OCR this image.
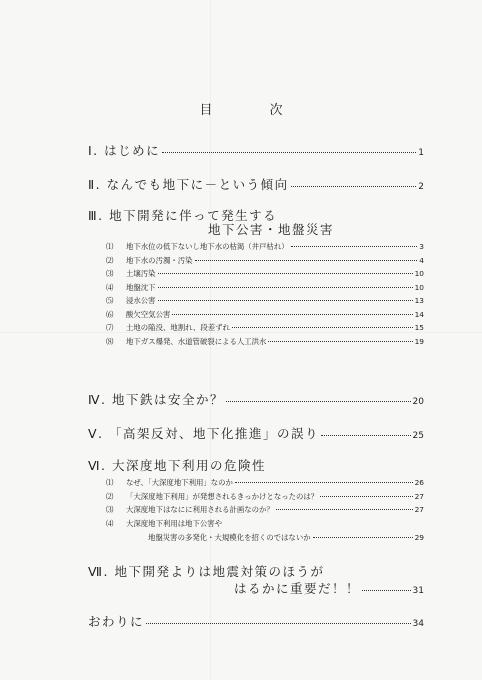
目　次
Ⅰ. はじめに	1
Ⅱ. なんでも地下に－という傾向	2
Ⅲ. 地下開発に伴って発生する
地下公害・地盤災害
⑴	地下水位の低下ないし地下水の枯渇（井戸枯れ）	3
⑵	地下水の汚濁・汚染	4
⑶	土壌汚染	10
⑷	地盤沈下	10
⑸	浸水公害	13
⑹	酸欠空気公害	14
⑺	土地の陥没、地割れ、段差ずれ	15
⑻	地下ガス爆発、水道管破裂による人工洪水	19
Ⅳ. 地下鉄は安全か？	20
Ⅴ. 「高架反対、地下化推進」の誤り	25
Ⅵ. 大深度地下利用の危険性
⑴	なぜ、「大深度地下利用」なのか	26
⑵	「大深度地下利用」が発想されるきっかけとなったのは？	27
⑶	大深度地下はなにに利用される計画なのか？	27
⑷	大深度地下利用は地下公害や
地盤災害の多発化・大規模化を招くのではないか	29
Ⅶ. 地下開発よりは地震対策のほうが
はるかに重要だ！！	31
おわりに	34
